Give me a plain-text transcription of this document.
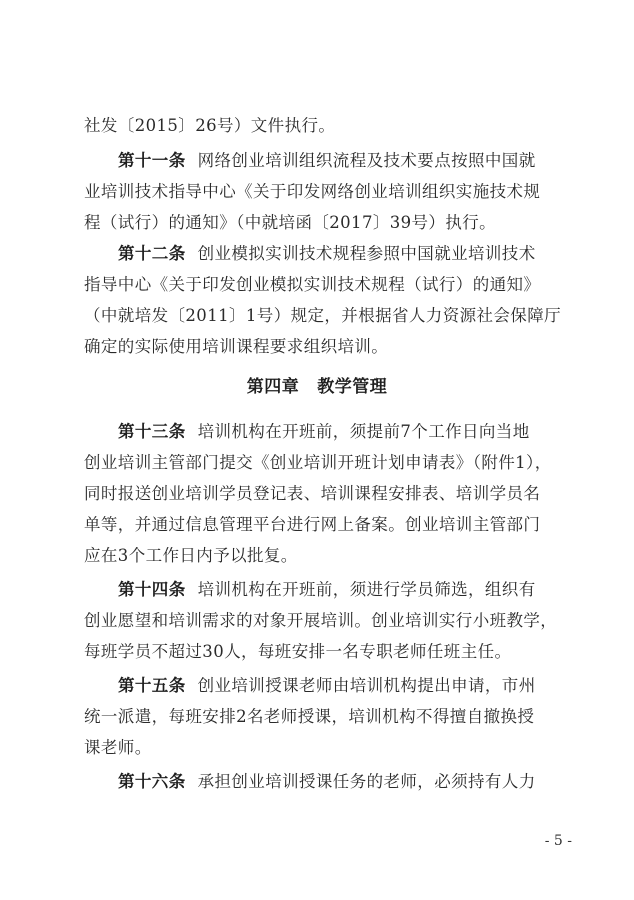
社发〔2015〕26号）文件执行。
第十一条 网络创业培训组织流程及技术要点按照中国就
业培训技术指导中心《关于印发网络创业培训组织实施技术规
程（试行）的通知》（中就培函〔2017〕39号）执行。
第十二条 创业模拟实训技术规程参照中国就业培训技术
指导中心《关于印发创业模拟实训技术规程（试行）的通知》
（中就培发〔2011〕1号）规定，并根据省人力资源社会保障厅
确定的实际使用培训课程要求组织培训。
第四章 教学管理
第十三条 培训机构在开班前，须提前7个工作日向当地
创业培训主管部门提交《创业培训开班计划申请表》（附件1），
同时报送创业培训学员登记表、培训课程安排表、培训学员名
单等，并通过信息管理平台进行网上备案。创业培训主管部门
应在3个工作日内予以批复。
第十四条 培训机构在开班前，须进行学员筛选，组织有
创业愿望和培训需求的对象开展培训。创业培训实行小班教学，
每班学员不超过30人，每班安排一名专职老师任班主任。
第十五条 创业培训授课老师由培训机构提出申请，市州
统一派遣，每班安排2名老师授课，培训机构不得擅自撤换授
课老师。
第十六条 承担创业培训授课任务的老师，必须持有人力
- 5 -
